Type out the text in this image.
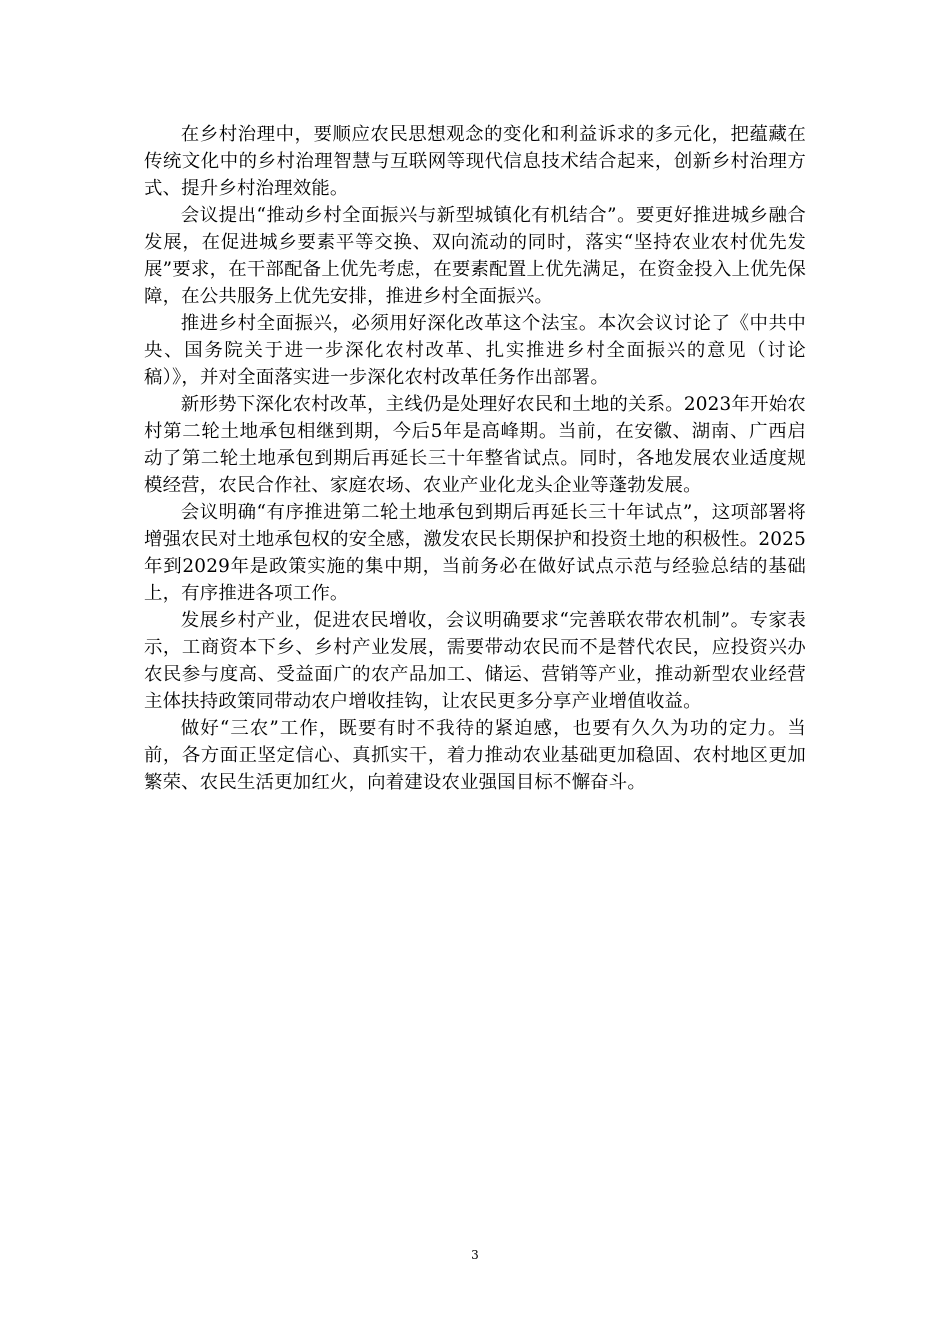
在乡村治理中，要顺应农民思想观念的变化和利益诉求的多元化，把蕴藏在传统文化中的乡村治理智慧与互联网等现代信息技术结合起来，创新乡村治理方式、提升乡村治理效能。

会议提出“推动乡村全面振兴与新型城镇化有机结合”。要更好推进城乡融合发展，在促进城乡要素平等交换、双向流动的同时，落实“坚持农业农村优先发展”要求，在干部配备上优先考虑，在要素配置上优先满足，在资金投入上优先保障，在公共服务上优先安排，推进乡村全面振兴。

推进乡村全面振兴，必须用好深化改革这个法宝。本次会议讨论了《中共中央、国务院关于进一步深化农村改革、扎实推进乡村全面振兴的意见（讨论稿）》，并对全面落实进一步深化农村改革任务作出部署。

新形势下深化农村改革，主线仍是处理好农民和土地的关系。2023年开始农村第二轮土地承包相继到期，今后5年是高峰期。当前，在安徽、湖南、广西启动了第二轮土地承包到期后再延长三十年整省试点。同时，各地发展农业适度规模经营，农民合作社、家庭农场、农业产业化龙头企业等蓬勃发展。

会议明确“有序推进第二轮土地承包到期后再延长三十年试点”，这项部署将增强农民对土地承包权的安全感，激发农民长期保护和投资土地的积极性。2025年到2029年是政策实施的集中期，当前务必在做好试点示范与经验总结的基础上，有序推进各项工作。

发展乡村产业，促进农民增收，会议明确要求“完善联农带农机制”。专家表示，工商资本下乡、乡村产业发展，需要带动农民而不是替代农民，应投资兴办农民参与度高、受益面广的农产品加工、储运、营销等产业，推动新型农业经营主体扶持政策同带动农户增收挂钩，让农民更多分享产业增值收益。

做好“三农”工作，既要有时不我待的紧迫感，也要有久久为功的定力。当前，各方面正坚定信心、真抓实干，着力推动农业基础更加稳固、农村地区更加繁荣、农民生活更加红火，向着建设农业强国目标不懈奋斗。

3
